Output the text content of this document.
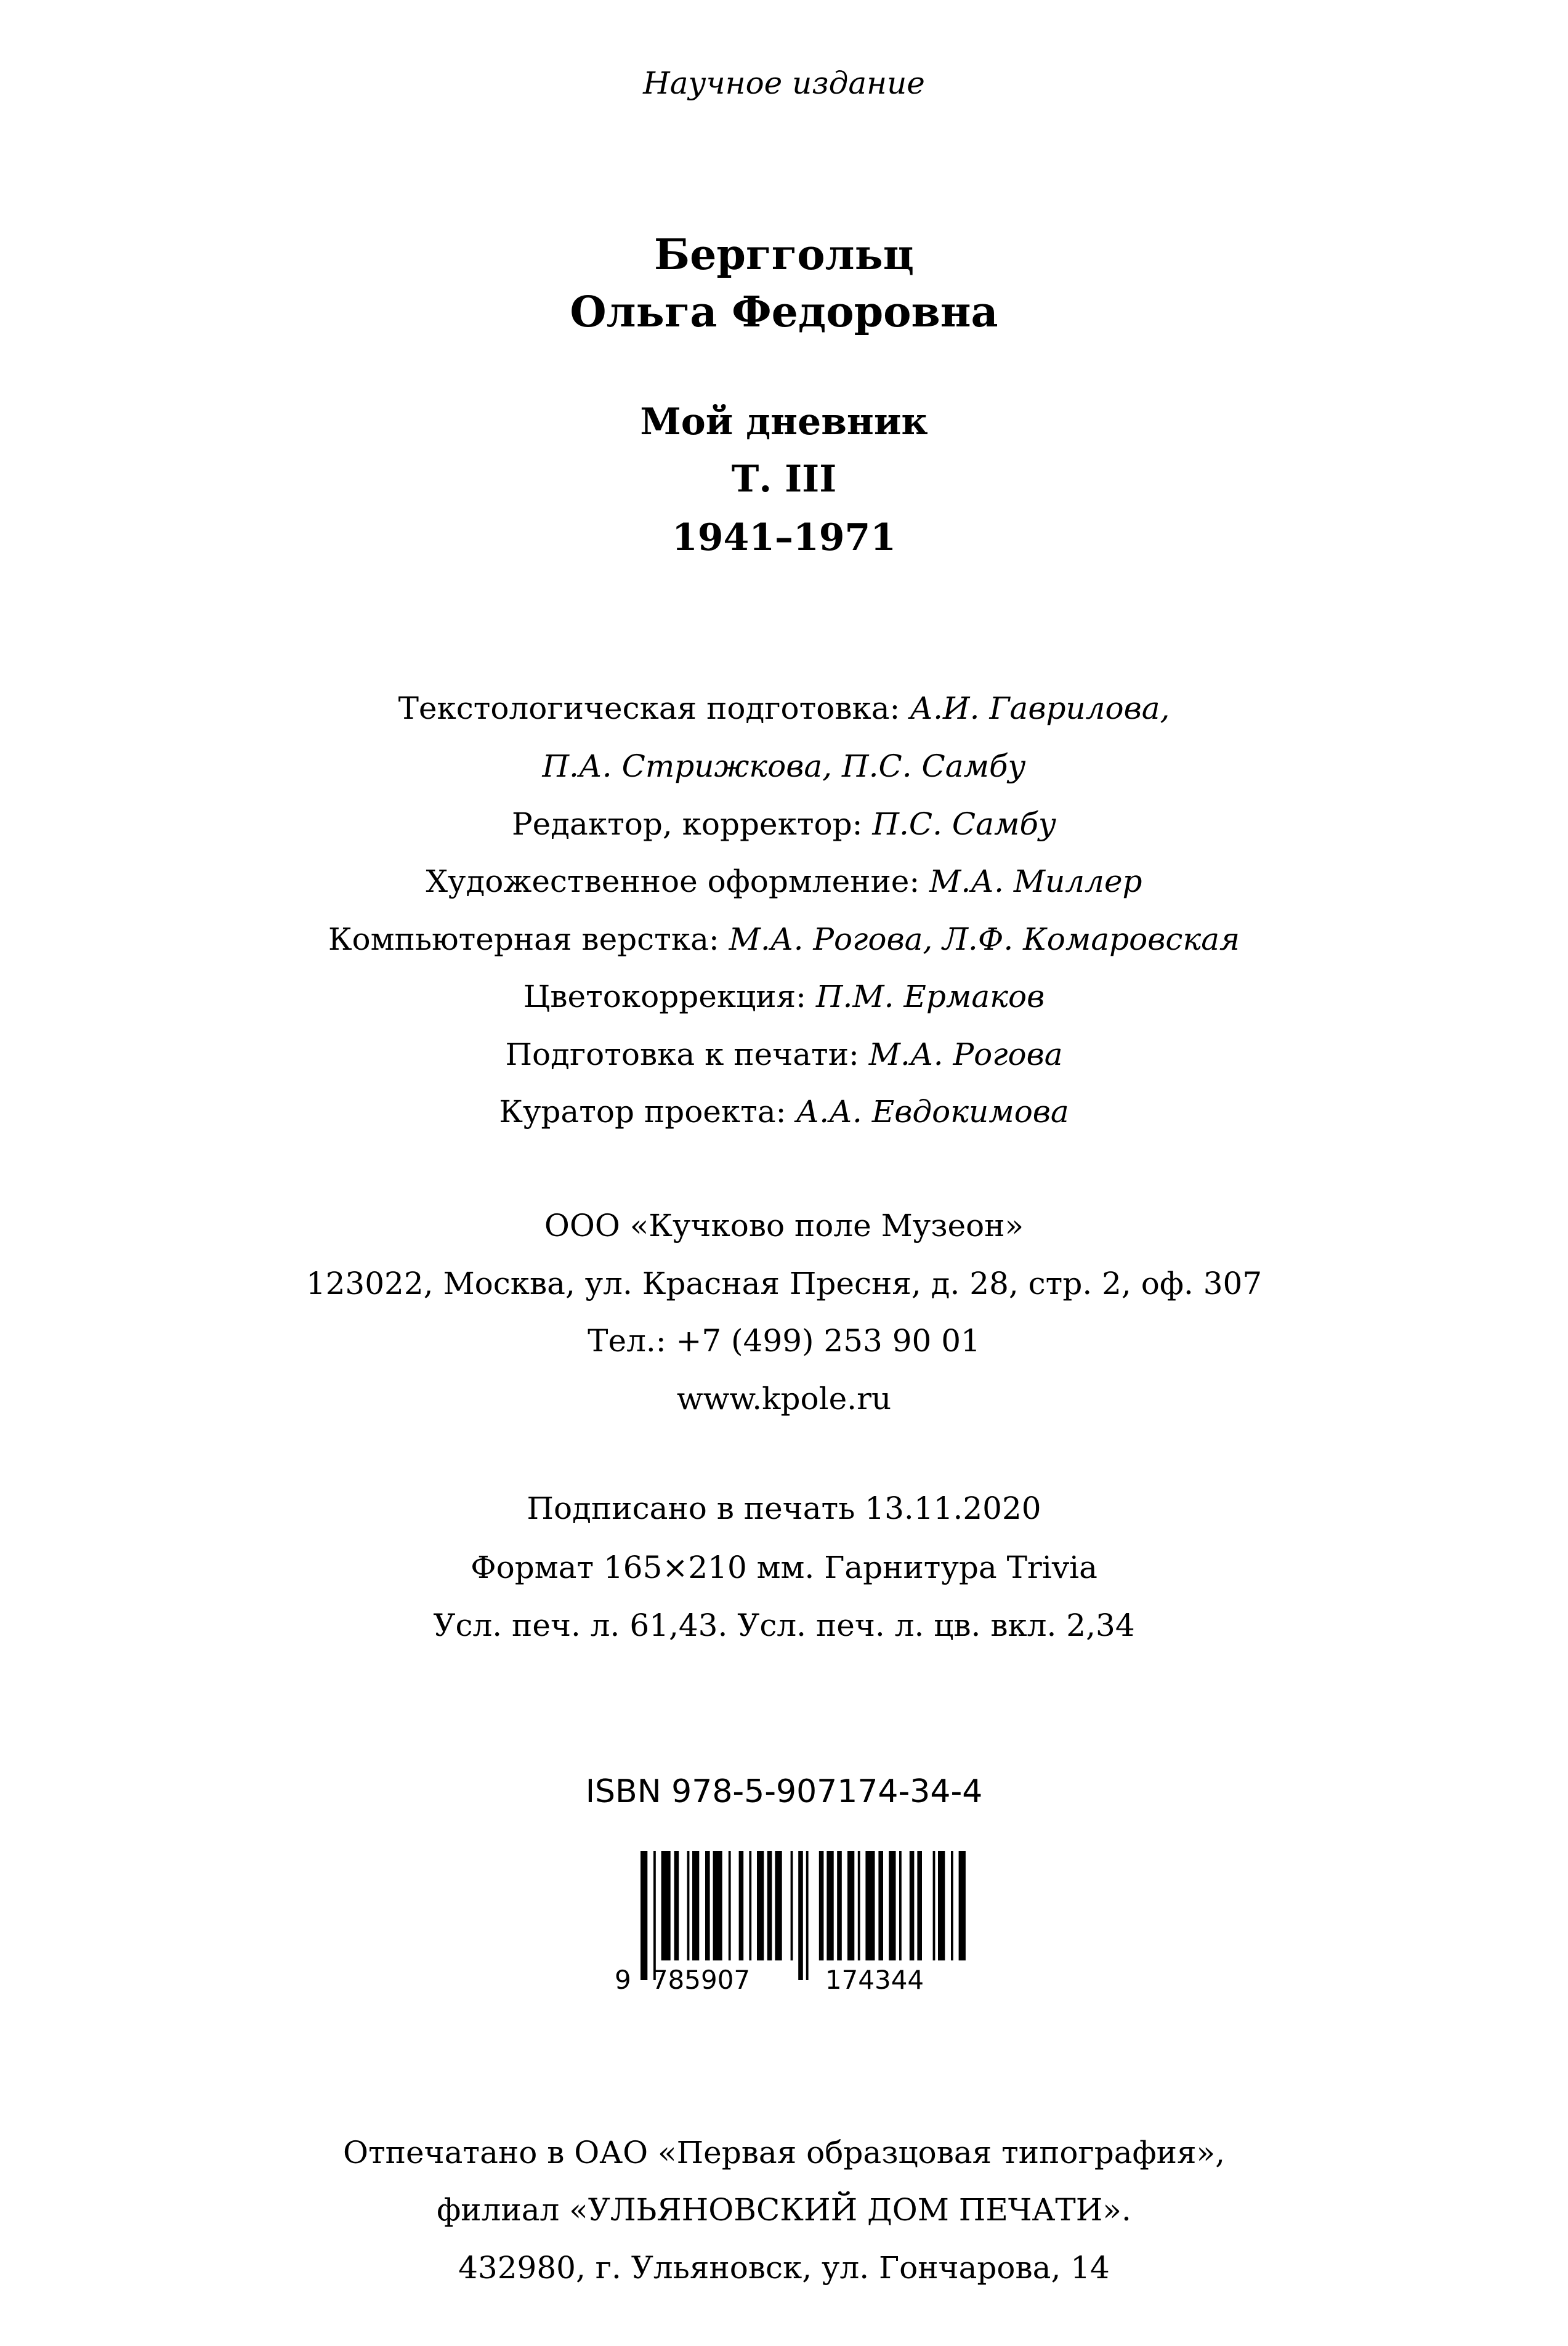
Научное издание
Берггольц
Ольга Федоровна
Мой дневник
Т. III
1941–1971
Текстологическая подготовка: А.И. Гаврилова,
П.А. Стрижкова, П.С. Самбу
Редактор, корректор: П.С. Самбу
Художественное оформление: М.А. Миллер
Компьютерная верстка: М.А. Рогова, Л.Ф. Комаровская
Цветокоррекция: П.М. Ермаков
Подготовка к печати: М.А. Рогова
Куратор проекта: А.А. Евдокимова
ООО «Кучково поле Музеон»
123022, Москва, ул. Красная Пресня, д. 28, стр. 2, оф. 307
Тел.: +7 (499) 253 90 01
www.kpole.ru
Подписано в печать 13.11.2020
Формат 165×210 мм. Гарнитура Trivia
Усл. печ. л. 61,43. Усл. печ. л. цв. вкл. 2,34
ISBN 978-5-907174-34-4
9 785907	174344
Отпечатано в ОАО «Первая образцовая типография»,
филиал «УЛЬЯНОВСКИЙ ДОМ ПЕЧАТИ».
432980, г. Ульяновск, ул. Гончарова, 14
